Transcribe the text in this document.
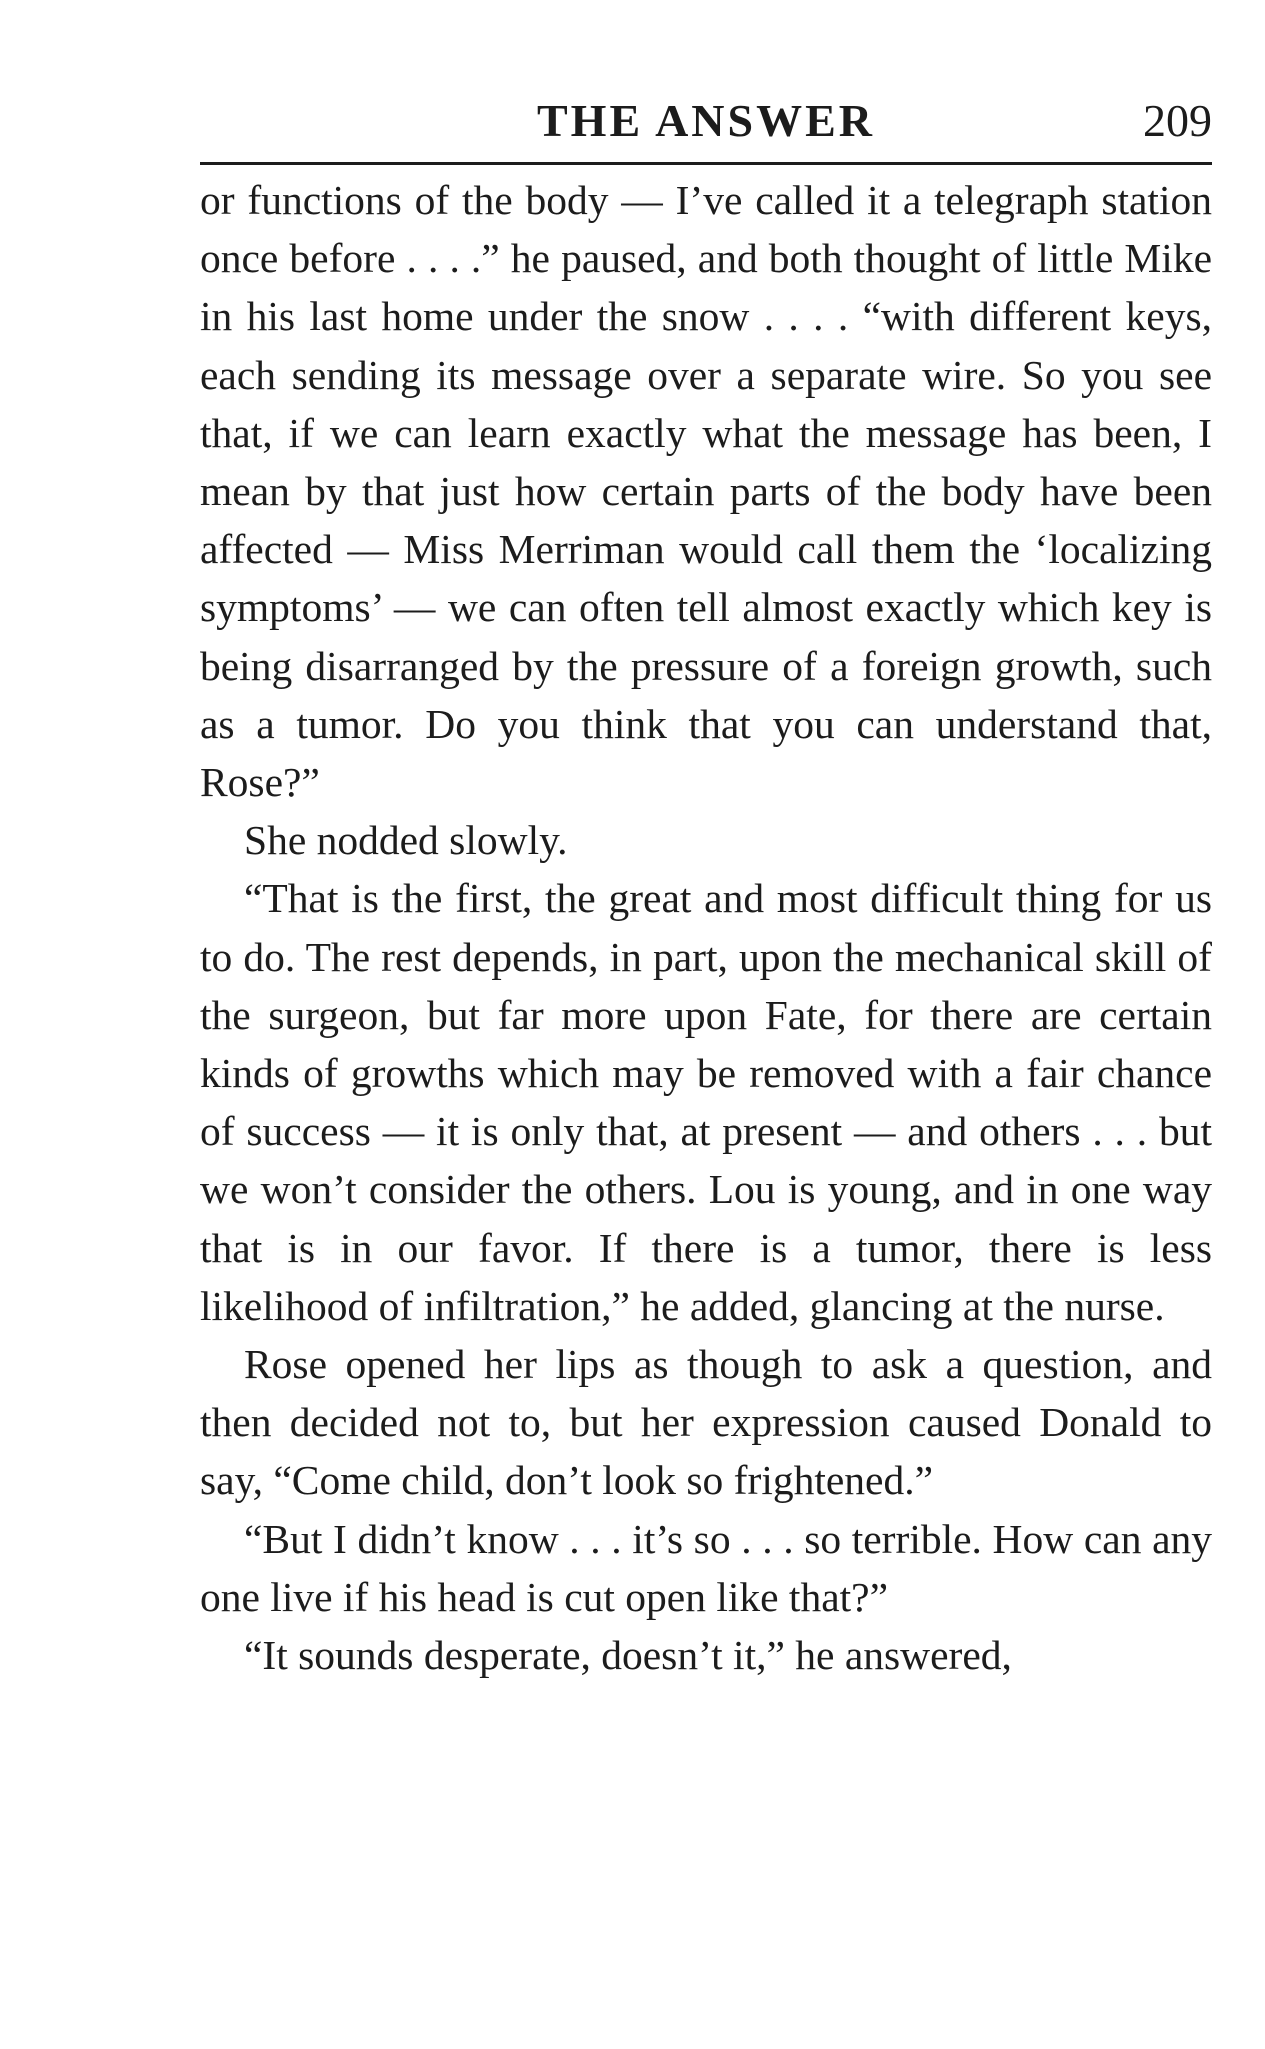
THE ANSWER	209

or functions of the body — I’ve called it a telegraph station once before . . . .” he paused, and both thought of little Mike in his last home under the snow . . . . “with different keys, each sending its message over a separate wire. So you see that, if we can learn exactly what the message has been, I mean by that just how certain parts of the body have been affected — Miss Merriman would call them the ‘localizing symptoms’ — we can often tell almost exactly which key is being disarranged by the pressure of a foreign growth, such as a tumor. Do you think that you can understand that, Rose?”

She nodded slowly.

“That is the first, the great and most difficult thing for us to do. The rest depends, in part, upon the mechanical skill of the surgeon, but far more upon Fate, for there are certain kinds of growths which may be removed with a fair chance of success — it is only that, at present — and others . . . but we won’t consider the others. Lou is young, and in one way that is in our favor. If there is a tumor, there is less likelihood of infiltration,” he added, glancing at the nurse.

Rose opened her lips as though to ask a question, and then decided not to, but her expression caused Donald to say, “Come child, don’t look so frightened.”

“But I didn’t know . . . it’s so . . . so terrible. How can any one live if his head is cut open like that?”

“It sounds desperate, doesn’t it,” he answered,
